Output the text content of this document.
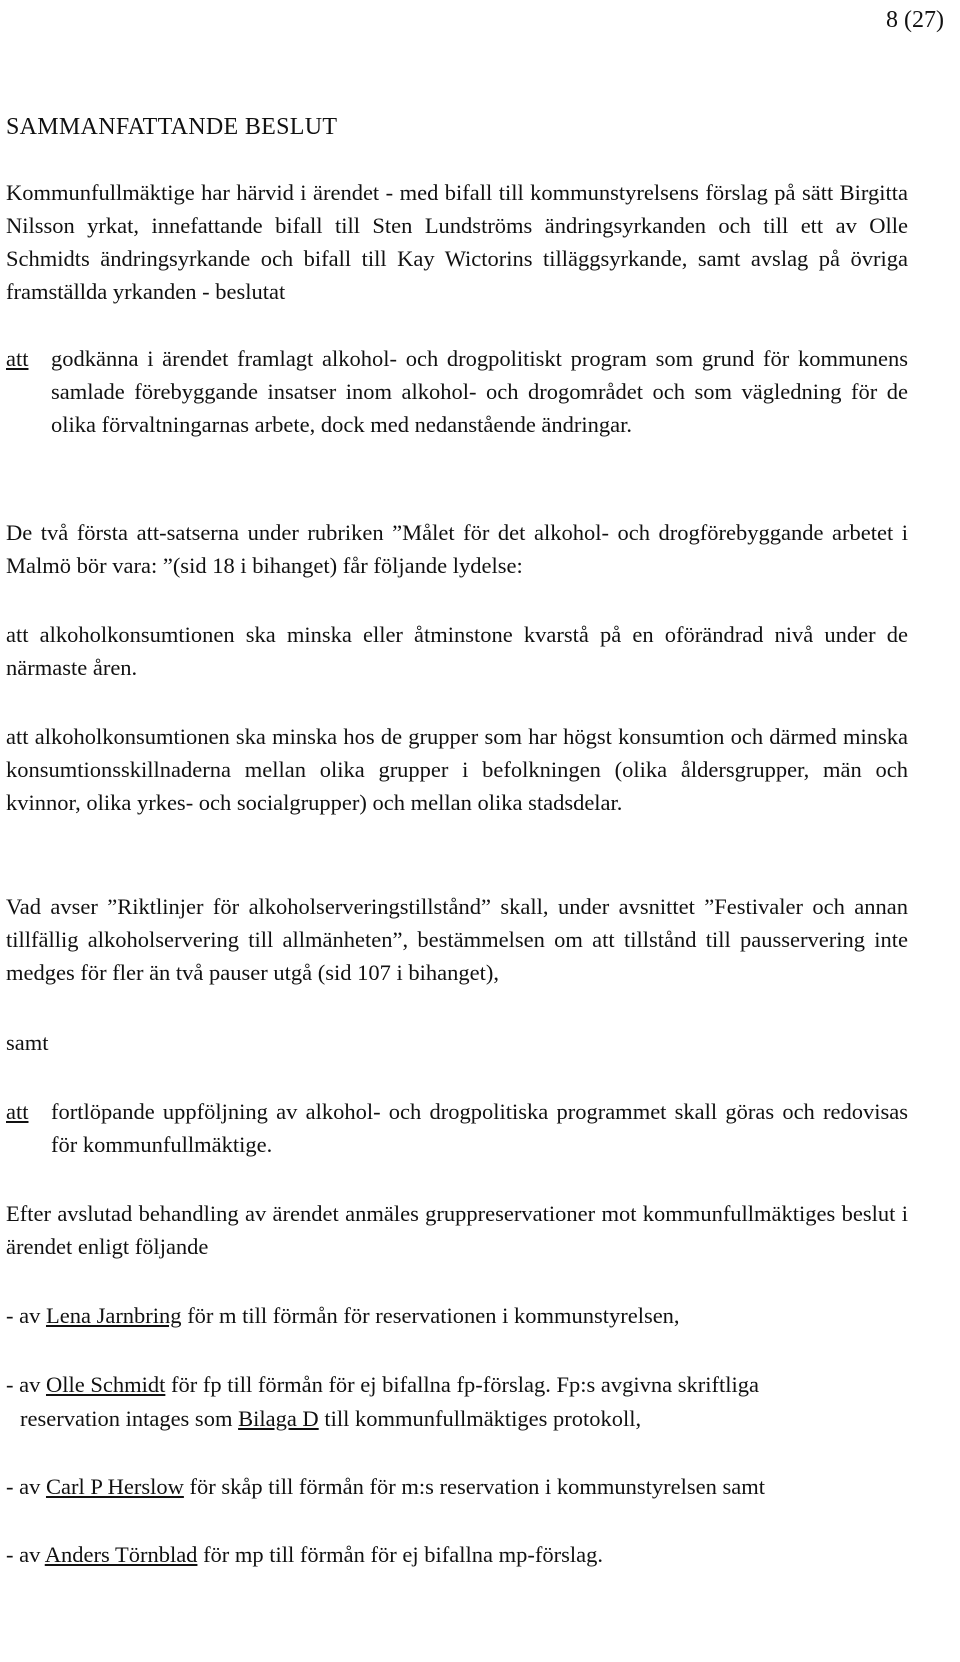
8 (27)
SAMMANFATTANDE BESLUT
Kommunfullmäktige har härvid i ärendet - med bifall till kommunstyrelsens förslag på sätt Birgitta Nilsson yrkat, innefattande bifall till Sten Lundströms ändringsyrkanden och till ett av Olle Schmidts ändringsyrkande och bifall till Kay Wictorins tilläggsyrkande, samt avslag på övriga framställda yrkanden - beslutat
att godkänna i ärendet framlagt alkohol- och drogpolitiskt program som grund för kommunens samlade förebyggande insatser inom alkohol- och drogområdet och som vägledning för de olika förvaltningarnas arbete, dock med nedanstående ändringar.
De två första att-satserna under rubriken ”Målet för det alkohol- och drogförebyggande arbetet i Malmö bör vara: ”(sid 18 i bihanget) får följande lydelse:
att alkoholkonsumtionen ska minska eller åtminstone kvarstå på en oförändrad nivå under de närmaste åren.
att alkoholkonsumtionen ska minska hos de grupper som har högst konsumtion och därmed minska konsumtionsskillnaderna mellan olika grupper i befolkningen (olika åldersgrupper, män och kvinnor, olika yrkes- och socialgrupper) och mellan olika stadsdelar.
Vad avser ”Riktlinjer för alkoholserveringstillstånd” skall, under avsnittet ”Festivaler och annan tillfällig alkoholservering till allmänheten”, bestämmelsen om att tillstånd till pausservering inte medges för fler än två pauser utgå (sid 107 i bihanget),
samt
att fortlöpande uppföljning av alkohol- och drogpolitiska programmet skall göras och redovisas för kommunfullmäktige.
Efter avslutad behandling av ärendet anmäles gruppreservationer mot kommunfullmäktiges beslut i ärendet enligt följande
- av Lena Jarnbring för m till förmån för reservationen i kommunstyrelsen,
- av Olle Schmidt för fp till förmån för ej bifallna fp-förslag. Fp:s avgivna skriftliga
reservation intages som Bilaga D till kommunfullmäktiges protokoll,
- av Carl P Herslow för skåp till förmån för m:s reservation i kommunstyrelsen samt
- av Anders Törnblad för mp till förmån för ej bifallna mp-förslag.
